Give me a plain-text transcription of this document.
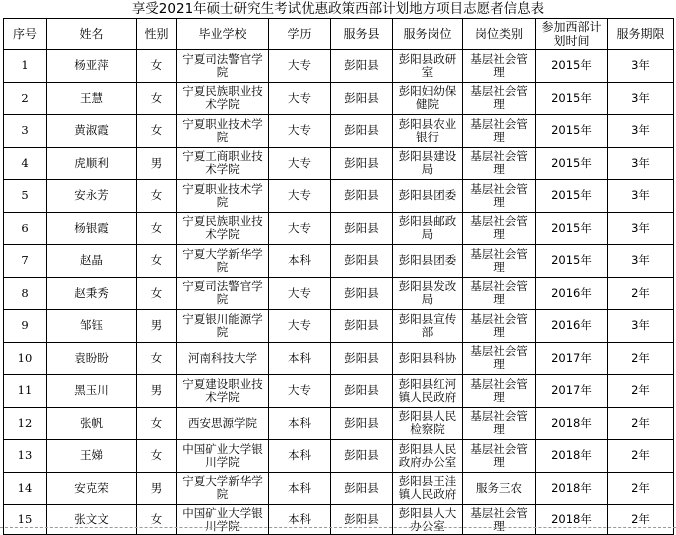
享受2021年硕士研究生考试优惠政策西部计划地方项目志愿者信息表
序号	姓名	性别	毕业学校	学历	服务县	服务岗位	岗位类别	参加西部计划时间	服务期限
1	杨亚萍	女	宁夏司法警官学院	大专	彭阳县	彭阳县政研室	基层社会管理	2015年	3年
2	王慧	女	宁夏民族职业技术学院	大专	彭阳县	彭阳妇幼保健院	基层社会管理	2015年	3年
3	黄淑霞	女	宁夏职业技术学院	大专	彭阳县	彭阳县农业银行	基层社会管理	2015年	3年
4	虎顺利	男	宁夏工商职业技术学院	大专	彭阳县	彭阳县建设局	基层社会管理	2015年	3年
5	安永芳	女	宁夏职业技术学院	大专	彭阳县	彭阳县团委	基层社会管理	2015年	3年
6	杨银霞	女	宁夏民族职业技术学院	大专	彭阳县	彭阳县邮政局	基层社会管理	2015年	3年
7	赵晶	女	宁夏大学新华学院	本科	彭阳县	彭阳县团委	基层社会管理	2015年	3年
8	赵秉秀	女	宁夏司法警官学院	大专	彭阳县	彭阳县发改局	基层社会管理	2016年	2年
9	邹钰	男	宁夏银川能源学院	大专	彭阳县	彭阳县宣传部	基层社会管理	2016年	3年
10	袁盼盼	女	河南科技大学	本科	彭阳县	彭阳县科协	基层社会管理	2017年	2年
11	黑玉川	男	宁夏建设职业技术学院	大专	彭阳县	彭阳县红河镇人民政府	基层社会管理	2017年	2年
12	张帆	女	西安思源学院	本科	彭阳县	彭阳县人民检察院	基层社会管理	2018年	2年
13	王娣	女	中国矿业大学银川学院	本科	彭阳县	彭阳县人民政府办公室	基层社会管理	2018年	2年
14	安克荣	男	宁夏大学新华学院	本科	彭阳县	彭阳县王洼镇人民政府	服务三农	2018年	2年
15	张文文	女	中国矿业大学银川学院	本科	彭阳县	彭阳县人大办公室	基层社会管理	2018年	2年
